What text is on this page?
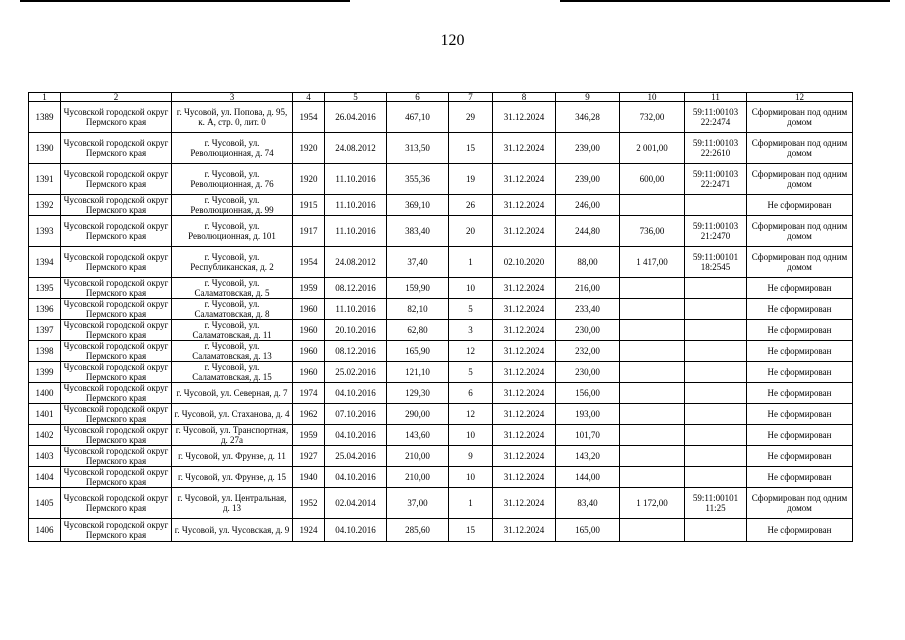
120
1	2	3	4	5	6	7	8	9	10	11	12
1389	Чусовской городской округ Пермского края	г. Чусовой, ул. Попова, д. 95, к. А, стр. 0, лит. 0	1954	26.04.2016	467,10	29	31.12.2024	346,28	732,00	59:11:00103 22:2474	Сформирован под одним домом
1390	Чусовской городской округ Пермского края	г. Чусовой, ул. Революционная, д. 74	1920	24.08.2012	313,50	15	31.12.2024	239,00	2 001,00	59:11:00103 22:2610	Сформирован под одним домом
1391	Чусовской городской округ Пермского края	г. Чусовой, ул. Революционная, д. 76	1920	11.10.2016	355,36	19	31.12.2024	239,00	600,00	59:11:00103 22:2471	Сформирован под одним домом
1392	Чусовской городской округ Пермского края	г. Чусовой, ул. Революционная, д. 99	1915	11.10.2016	369,10	26	31.12.2024	246,00			Не сформирован
1393	Чусовской городской округ Пермского края	г. Чусовой, ул. Революционная, д. 101	1917	11.10.2016	383,40	20	31.12.2024	244,80	736,00	59:11:00103 21:2470	Сформирован под одним домом
1394	Чусовской городской округ Пермского края	г. Чусовой, ул. Республиканская, д. 2	1954	24.08.2012	37,40	1	02.10.2020	88,00	1 417,00	59:11:00101 18:2545	Сформирован под одним домом
1395	Чусовской городской округ Пермского края	г. Чусовой, ул. Саламатовская, д. 5	1959	08.12.2016	159,90	10	31.12.2024	216,00			Не сформирован
1396	Чусовской городской округ Пермского края	г. Чусовой, ул. Саламатовская, д. 8	1960	11.10.2016	82,10	5	31.12.2024	233,40			Не сформирован
1397	Чусовской городской округ Пермского края	г. Чусовой, ул. Саламатовская, д. 11	1960	20.10.2016	62,80	3	31.12.2024	230,00			Не сформирован
1398	Чусовской городской округ Пермского края	г. Чусовой, ул. Саламатовская, д. 13	1960	08.12.2016	165,90	12	31.12.2024	232,00			Не сформирован
1399	Чусовской городской округ Пермского края	г. Чусовой, ул. Саламатовская, д. 15	1960	25.02.2016	121,10	5	31.12.2024	230,00			Не сформирован
1400	Чусовской городской округ Пермского края	г. Чусовой, ул. Северная, д. 7	1974	04.10.2016	129,30	6	31.12.2024	156,00			Не сформирован
1401	Чусовской городской округ Пермского края	г. Чусовой, ул. Стаханова, д. 4	1962	07.10.2016	290,00	12	31.12.2024	193,00			Не сформирован
1402	Чусовской городской округ Пермского края	г. Чусовой, ул. Транспортная, д. 27а	1959	04.10.2016	143,60	10	31.12.2024	101,70			Не сформирован
1403	Чусовской городской округ Пермского края	г. Чусовой, ул. Фрунзе, д. 11	1927	25.04.2016	210,00	9	31.12.2024	143,20			Не сформирован
1404	Чусовской городской округ Пермского края	г. Чусовой, ул. Фрунзе, д. 15	1940	04.10.2016	210,00	10	31.12.2024	144,00			Не сформирован
1405	Чусовской городской округ Пермского края	г. Чусовой, ул. Центральная, д. 13	1952	02.04.2014	37,00	1	31.12.2024	83,40	1 172,00	59:11:00101 11:25	Сформирован под одним домом
1406	Чусовской городской округ Пермского края	г. Чусовой, ул. Чусовская, д. 9	1924	04.10.2016	285,60	15	31.12.2024	165,00			Не сформирован
